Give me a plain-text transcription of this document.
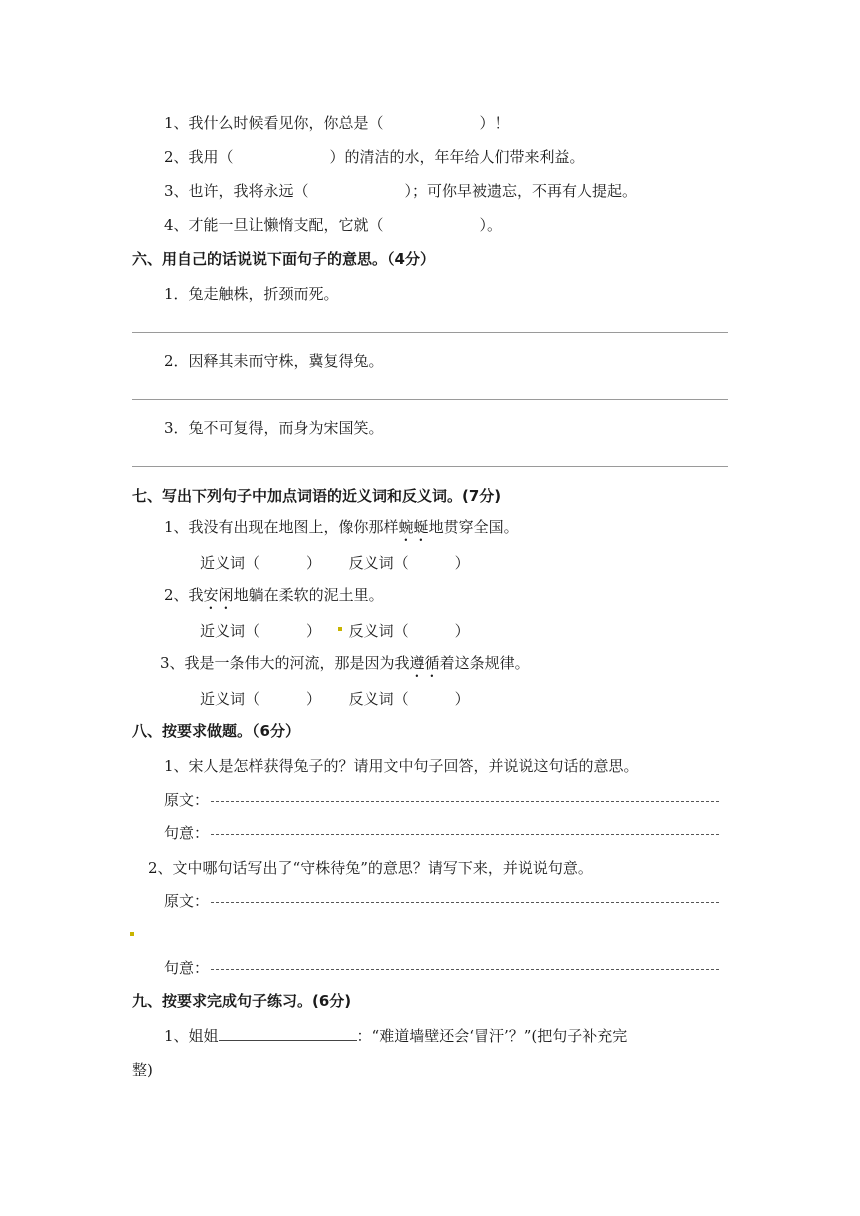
1、我什么时候看见你，你总是（	）！
2、我用（	）的清洁的水，年年给人们带来利益。
3、也许，我将永远（	）；可你早被遗忘，不再有人提起。
4、才能一旦让懒惰支配，它就（	）。
六、用自己的话说说下面句子的意思。（4分）
1．兔走触株，折颈而死。
2．因释其耒而守株，冀复得兔。
3．兔不可复得，而身为宋国笑。
七、写出下列句子中加点词语的近义词和反义词。(7分)
1、我没有出现在地图上，像你那样蜿蜒地贯穿全国。
近义词（	） 反义词（	）
2、我安闲地躺在柔软的泥土里。
近义词（	） 反义词（	）
3、我是一条伟大的河流，那是因为我遵循着这条规律。
近义词（	） 反义词（	）
八、按要求做题。（6分）
1、宋人是怎样获得兔子的？请用文中句子回答，并说说这句话的意思。
原文：
句意：
2、文中哪句话写出了“守株待兔”的意思？请写下来，并说说句意。
原文：
句意：
九、按要求完成句子练习。(6分)
1、姐姐	：“难道墙壁还会‘冒汗’？”(把句子补充完
整)
